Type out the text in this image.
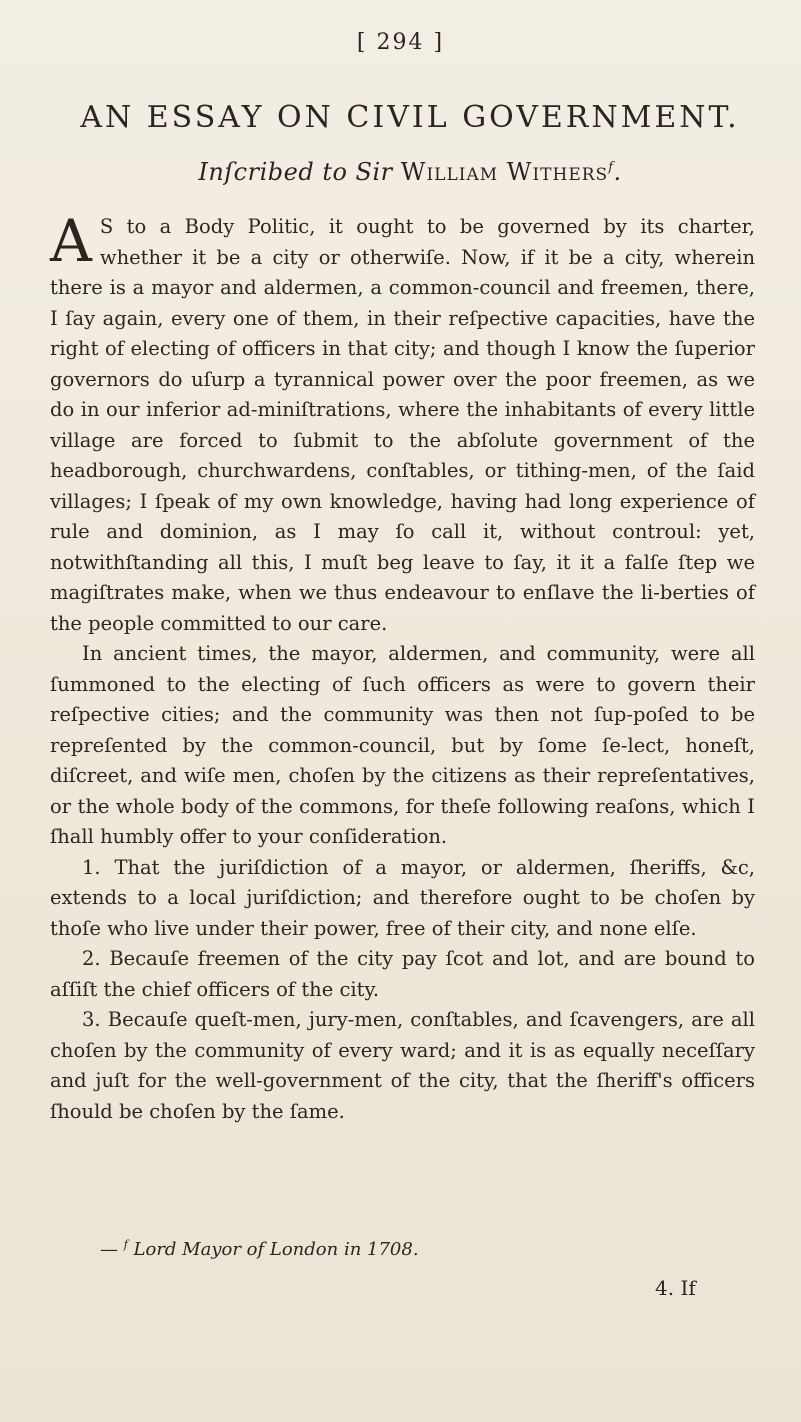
[ 294 ]
AN ESSAY ON CIVIL GOVERNMENT.
Inſcribed to Sir William Withers$^f$.

A S to a Body Politic, it ought to be governed by its charter, whether it be a city or otherwiſe. Now, if it be a city, wherein there is a mayor and aldermen, a common-council and freemen, there, I ſay again, every one of them, in their reſpective capacities, have the right of electing of officers in that city; and though I know the ſuperior governors do uſurp a tyrannical power over the poor freemen, as we do in our inferior ad-miniſtrations, where the inhabitants of every little village are forced to ſubmit to the abſolute government of the headborough, churchwardens, conſtables, or tithing-men, of the ſaid villages; I ſpeak of my own knowledge, having had long experience of rule and dominion, as I may ſo call it, without controul: yet, notwithſtanding all this, I muſt beg leave to ſay, it it a falſe ſtep we magiſtrates make, when we thus endeavour to enſlave the li-berties of the people committed to our care.

In ancient times, the mayor, aldermen, and community, were all ſummoned to the electing of ſuch officers as were to govern their reſpective cities; and the community was then not ſup-poſed to be repreſented by the common-council, but by ſome ſe-lect, honeſt, diſcreet, and wiſe men, choſen by the citizens as their repreſentatives, or the whole body of the commons, for theſe following reaſons, which I ſhall humbly offer to your conſideration.

1. That the juriſdiction of a mayor, or aldermen, ſheriffs, &c, extends to a local juriſdiction; and therefore ought to be choſen by thoſe who live under their power, free of their city, and none elſe.

2. Becauſe freemen of the city pay ſcot and lot, and are bound to aſſiſt the chief officers of the city.

3. Becauſe queſt-men, jury-men, conſtables, and ſcavengers, are all choſen by the community of every ward; and it is as equally neceſſary and juſt for the well-government of the city, that the ſheriff's officers ſhould be choſen by the ſame.

— $^f$ Lord Mayor of London in 1708.
4. If
